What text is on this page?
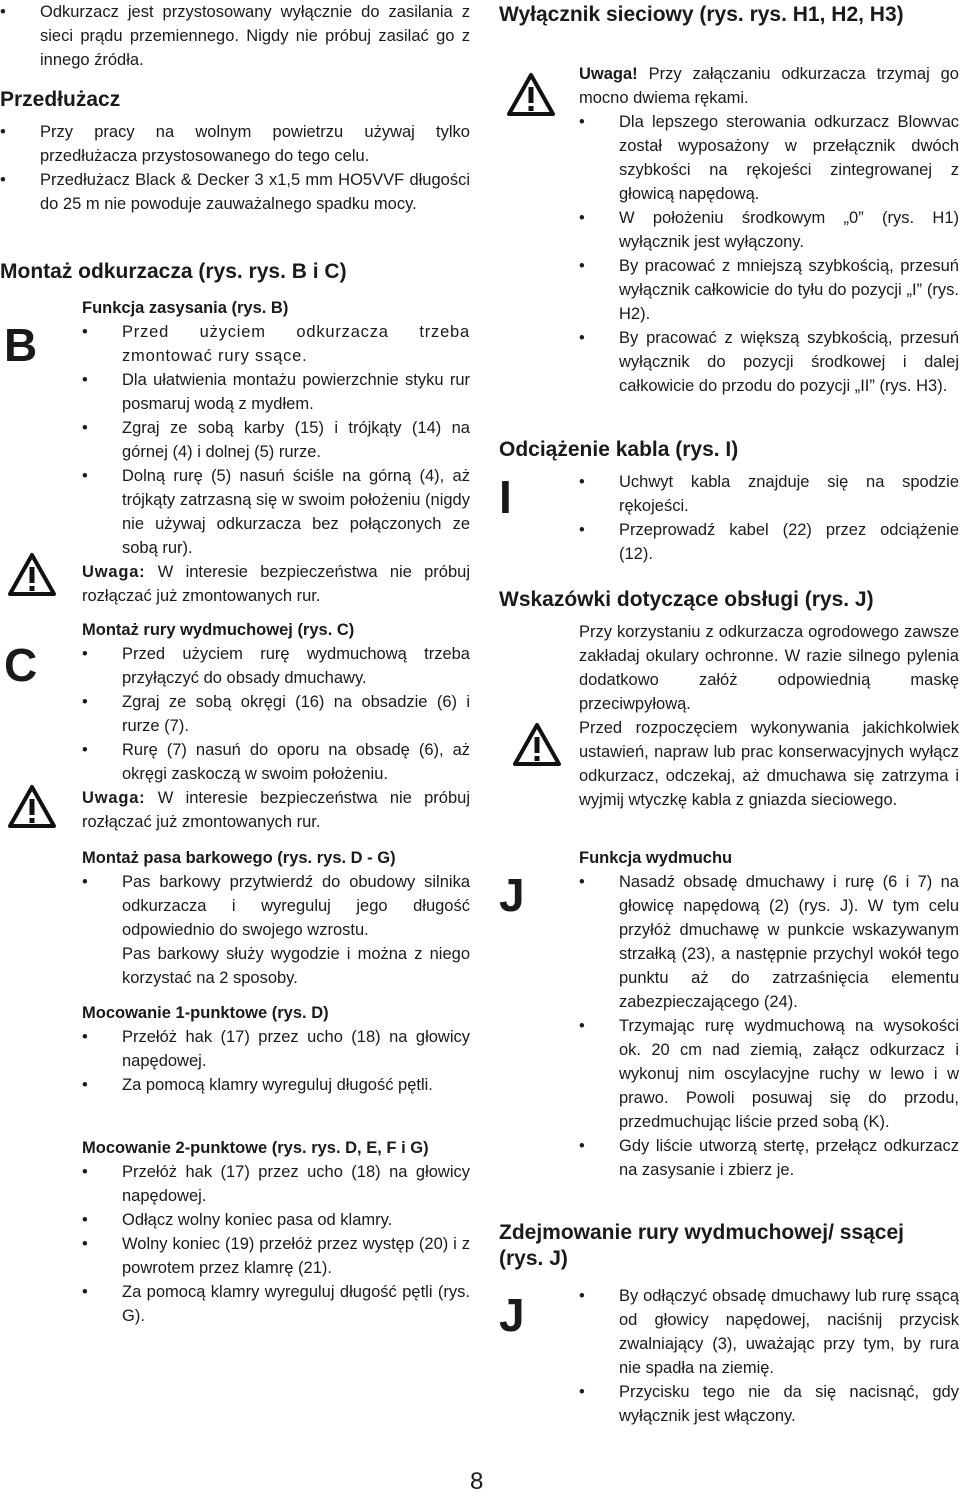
• Odkurzacz jest przystosowany wyłącznie do zasilania z sieci prądu przemiennego. Nigdy nie próbuj zasilać go z innego źródła.
Przedłużacz
• Przy pracy na wolnym powietrzu używaj tylko przedłużacza przystosowanego do tego celu.
• Przedłużacz Black & Decker 3 x1,5 mm HO5VVF długości do 25 m nie powoduje zauważalnego spadku mocy.
Montaż odkurzacza (rys. rys. B i C)
B
Funkcja zasysania (rys. B)
• Przed użyciem odkurzacza trzeba zmontować rury ssące.
• Dla ułatwienia montażu powierzchnie styku rur posmaruj wodą z mydłem.
• Zgraj ze sobą karby (15) i trójkąty (14) na górnej (4) i dolnej (5) rurze.
• Dolną rurę (5) nasuń ściśle na górną (4), aż trójkąty zatrzasną się w swoim położeniu (nigdy nie używaj odkurzacza bez połączonych ze sobą rur).

Uwaga: W interesie bezpieczeństwa nie próbuj rozłączać już zmontowanych rur.

C
Montaż rury wydmuchowej (rys. C)
• Przed użyciem rurę wydmuchową trzeba przyłączyć do obsady dmuchawy.
• Zgraj ze sobą okręgi (16) na obsadzie (6) i rurze (7).
• Rurę (7) nasuń do oporu na obsadę (6), aż okręgi zaskoczą w swoim położeniu.

Uwaga: W interesie bezpieczeństwa nie próbuj rozłączać już zmontowanych rur.

Montaż pasa barkowego (rys. rys. D - G)
• Pas barkowy przytwierdź do obudowy silnika odkurzacza i wyreguluj jego długość odpowiednio do swojego wzrostu.

Pas barkowy służy wygodzie i można z niego korzystać na 2 sposoby.

Mocowanie 1-punktowe (rys. D)
• Przełóż hak (17) przez ucho (18) na głowicy napędowej.
• Za pomocą klamry wyreguluj długość pętli.
Mocowanie 2-punktowe (rys. rys. D, E, F i G)
• Przełóż hak (17) przez ucho (18) na głowicy napędowej.
• Odłącz wolny koniec pasa od klamry.
• Wolny koniec (19) przełóż przez występ (20) i z powrotem przez klamrę (21).
• Za pomocą klamry wyreguluj długość pętli (rys. G).
Wyłącznik sieciowy (rys. rys. H1, H2, H3)

Uwaga! Przy załączaniu odkurzacza trzymaj go mocno dwiema rękami.

• Dla lepszego sterowania odkurzacz Blowvac został wyposażony w przełącznik dwóch szybkości na rękojeści zintegrowanej z głowicą napędową.
• W położeniu środkowym „0” (rys. H1) wyłącznik jest wyłączony.
• By pracować z mniejszą szybkością, przesuń wyłącznik całkowicie do tyłu do pozycji „I” (rys. H2).
• By pracować z większą szybkością, przesuń wyłącznik do pozycji środkowej i dalej całkowicie do przodu do pozycji „II” (rys. H3).
Odciążenie kabla (rys. I)
I	• Uchwyt kabla znajduje się na spodzie rękojeści.
• Przeprowadź kabel (22) przez odciążenie (12).
Wskazówki dotyczące obsługi (rys. J)

Przy korzystaniu z odkurzacza ogrodowego zawsze zakładaj okulary ochronne. W razie silnego pylenia dodatkowo załóż odpowiednią maskę przeciwpyłową.

Przed rozpoczęciem wykonywania jakichkolwiek ustawień, napraw lub prac konserwacyjnych wyłącz odkurzacz, odczekaj, aż dmuchawa się zatrzyma i wyjmij wtyczkę kabla z gniazda sieciowego.

J
Funkcja wydmuchu
• Nasadź obsadę dmuchawy i rurę (6 i 7) na głowicę napędową (2) (rys. J). W tym celu przyłóż dmuchawę w punkcie wskazywanym strzałką (23), a następnie przychyl wokół tego punktu aż do zatrzaśnięcia elementu zabezpieczającego (24).
• Trzymając rurę wydmuchową na wysokości ok. 20 cm nad ziemią, załącz odkurzacz i wykonuj nim oscylacyjne ruchy w lewo i w prawo. Powoli posuwaj się do przodu, przedmuchując liście przed sobą (K).
• Gdy liście utworzą stertę, przełącz odkurzacz na zasysanie i zbierz je.
Zdejmowanie rury wydmuchowej/ ssącej (rys. J)
J	• By odłączyć obsadę dmuchawy lub rurę ssącą od głowicy napędowej, naciśnij przycisk zwalniający (3), uważając przy tym, by rura nie spadła na ziemię.
• Przycisku tego nie da się nacisnąć, gdy wyłącznik jest włączony.
8
